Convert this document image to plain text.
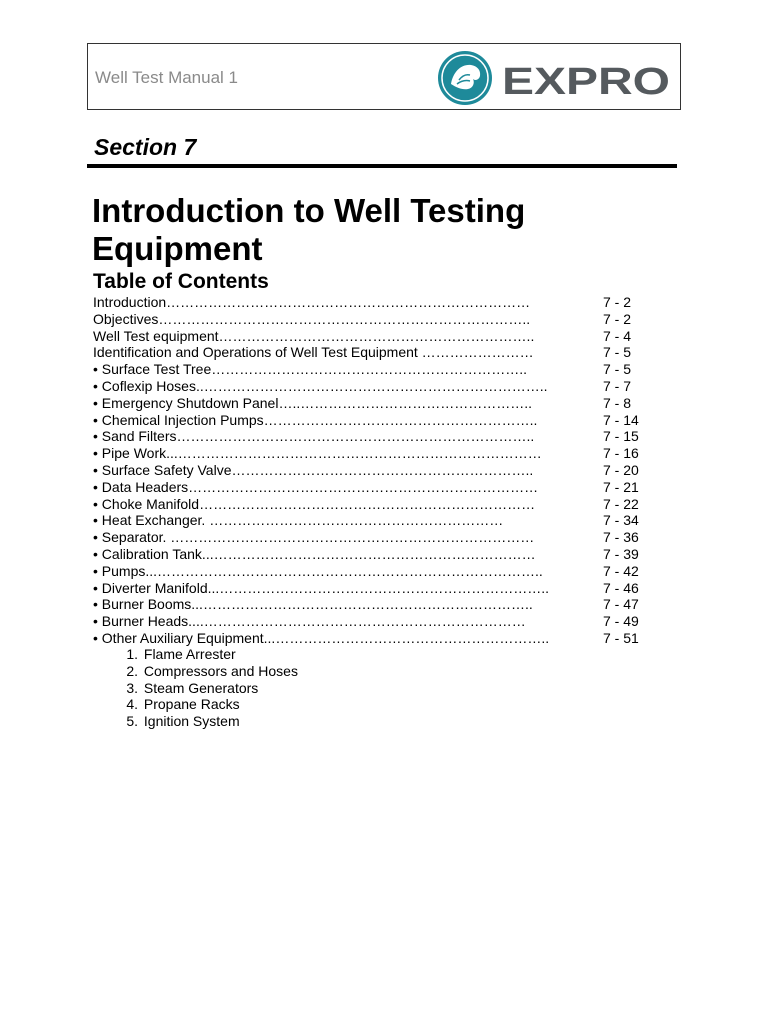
Well Test Manual 1	EXPRO
Section 7
Introduction to Well Testing Equipment
Table of Contents
Introduction……………………………………………………………………	7 - 2
Objectives……………………………………………………………………..	7 - 2
Well Test equipment…………………………………………………………..	7 - 4
Identification and Operations of Well Test Equipment ……………………	7 - 5
• Surface Test Tree…………………………………………………………..	7 - 5
• Coflexip Hoses..………………………………………………………………..	7 - 7
• Emergency Shutdown Panel…..…………………………………………..	7 - 8
• Chemical Injection Pumps…………………………………………………..	7 - 14
• Sand Filters…………………………………………………………………..	7 - 15
• Pipe Work...……………………………………………………………………	7 - 16
• Surface Safety Valve………………………………………………………..	7 - 20
• Data Headers…………………………………………………………………	7 - 21
• Choke Manifold………………………………………………………………	7 - 22
• Heat Exchanger. ………………………………………………………	7 - 34
• Separator. ……………………………………………………………………	7 - 36
• Calibration Tank...……………………………………………………………	7 - 39
• Pumps...………………………………………………………………………..	7 - 42
• Diverter Manifold...……………………………………………………………..	7 - 46
• Burner Booms...……………………………………………………………..	7 - 47
• Burner Heads....……………………………………………………………	7 - 49
• Other Auxiliary Equipment...…………………………………………………..	7 - 51
1. Flame Arrester
2. Compressors and Hoses
3. Steam Generators
4. Propane Racks
5. Ignition System
